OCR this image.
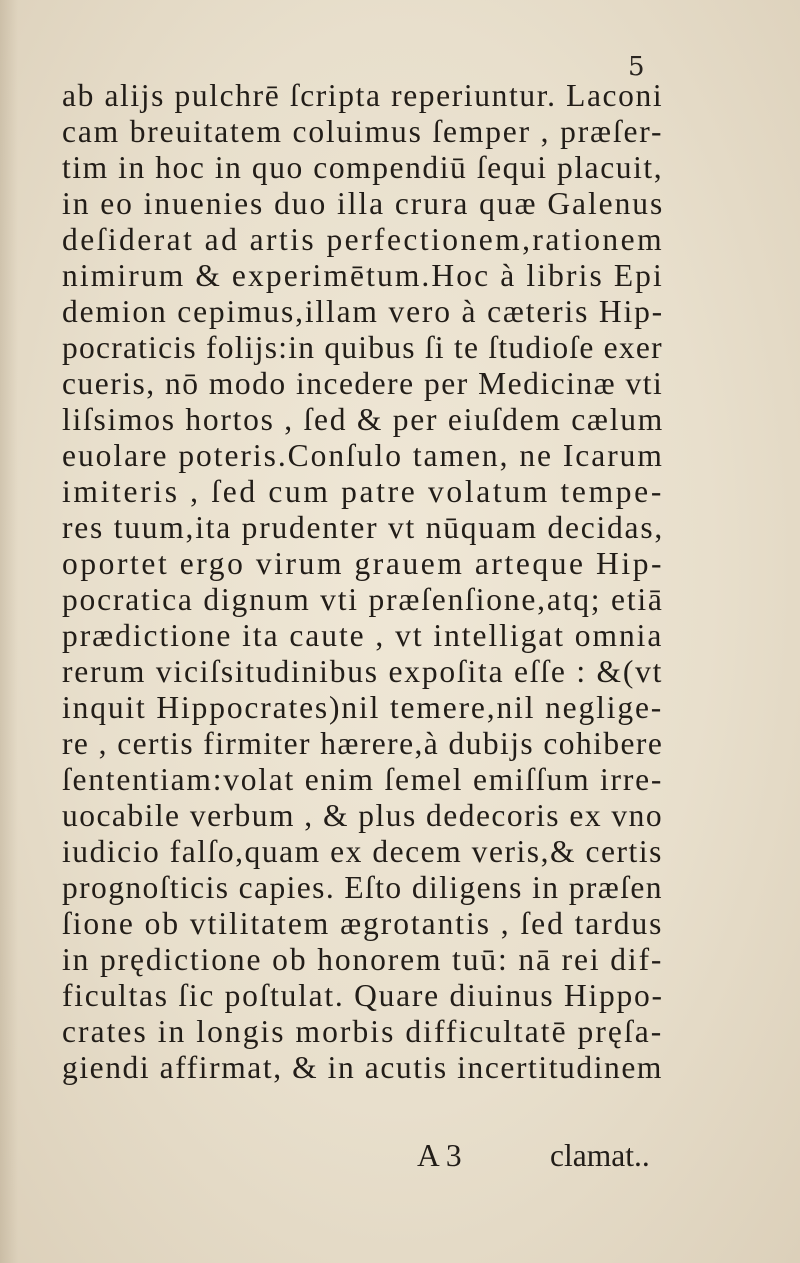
5
ab alijs pulchrē ſcripta reperiuntur. Laconi
cam breuitatem coluimus ſemper , præſer-
tim in hoc in quo compendiū ſequi placuit,
in eo inuenies duo illa crura quæ Galenus
deſiderat ad artis perfectionem,rationem
nimirum & experimētum.Hoc à libris Epi
demion cepimus,illam vero à cæteris Hip-
pocraticis folijs:in quibus ſi te ſtudioſe exer
cueris, nō modo incedere per Medicinæ vti
liſsimos hortos , ſed & per eiuſdem cælum
euolare poteris.Conſulo tamen, ne Icarum
imiteris , ſed cum patre volatum tempe-
res tuum,ita prudenter vt nūquam decidas,
oportet ergo virum grauem arteque Hip-
pocratica dignum vti præſenſione,atq; etiā
prædictione ita caute , vt intelligat omnia
rerum viciſsitudinibus expoſita eſſe : &(vt
inquit Hippocrates)nil temere,nil neglige-
re , certis firmiter hærere,à dubijs cohibere
ſententiam:volat enim ſemel emiſſum irre-
uocabile verbum , & plus dedecoris ex vno
iudicio falſo,quam ex decem veris,& certis
prognoſticis capies. Eſto diligens in præſen
ſione ob vtilitatem ægrotantis , ſed tardus
in prędictione ob honorem tuū: nā rei dif-
ficultas ſic poſtulat. Quare diuinus Hippo-
crates in longis morbis difficultatē pręſa-
giendi affirmat, & in acutis incertitudinem
A 3	clamat..
